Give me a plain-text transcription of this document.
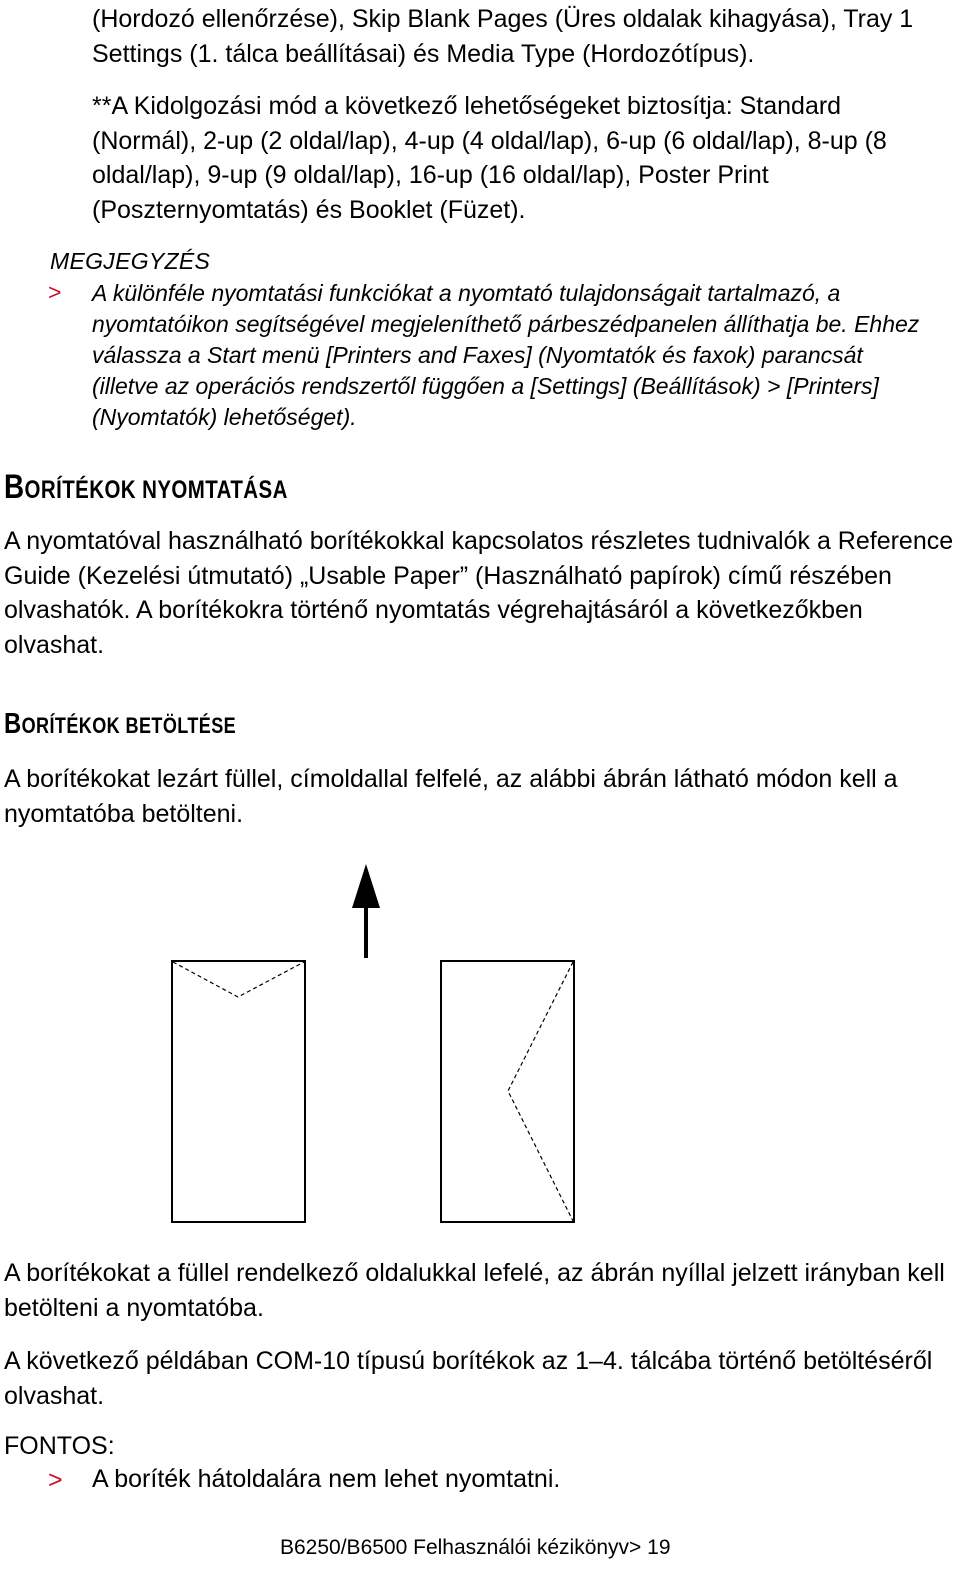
(Hordozó ellenőrzése), Skip Blank Pages (Üres oldalak kihagyása), Tray 1 Settings (1. tálca beállításai) és Media Type (Hordozótípus).
**A Kidolgozási mód a következő lehetőségeket biztosítja: Standard (Normál), 2-up (2 oldal/lap), 4-up (4 oldal/lap), 6-up (6 oldal/lap), 8-up (8 oldal/lap), 9-up (9 oldal/lap), 16-up (16 oldal/lap), Poster Print (Poszternyomtatás) és Booklet (Füzet).
MEGJEGYZÉS
> A különféle nyomtatási funkciókat a nyomtató tulajdonságait tartalmazó, a nyomtatóikon segítségével megjeleníthető párbeszédpanelen állíthatja be. Ehhez válassza a Start menü [Printers and Faxes] (Nyomtatók és faxok) parancsát (illetve az operációs rendszertől függően a [Settings] (Beállítások) > [Printers] (Nyomtatók) lehetőséget).
BORÍTÉKOK NYOMTATÁSA
A nyomtatóval használható borítékokkal kapcsolatos részletes tudnivalók a Reference Guide (Kezelési útmutató) „Usable Paper” (Használható papírok) című részében olvashatók. A borítékokra történő nyomtatás végrehajtásáról a következőkben olvashat.
BORÍTÉKOK BETÖLTÉSE
A borítékokat lezárt füllel, címoldallal felfelé, az alábbi ábrán látható módon kell a nyomtatóba betölteni.
A borítékokat a füllel rendelkező oldalukkal lefelé, az ábrán nyíllal jelzett irányban kell betölteni a nyomtatóba.
A következő példában COM-10 típusú borítékok az 1–4. tálcába történő betöltéséről olvashat.
FONTOS:
> A boríték hátoldalára nem lehet nyomtatni.
B6250/B6500 Felhasználói kézikönyv> 19
